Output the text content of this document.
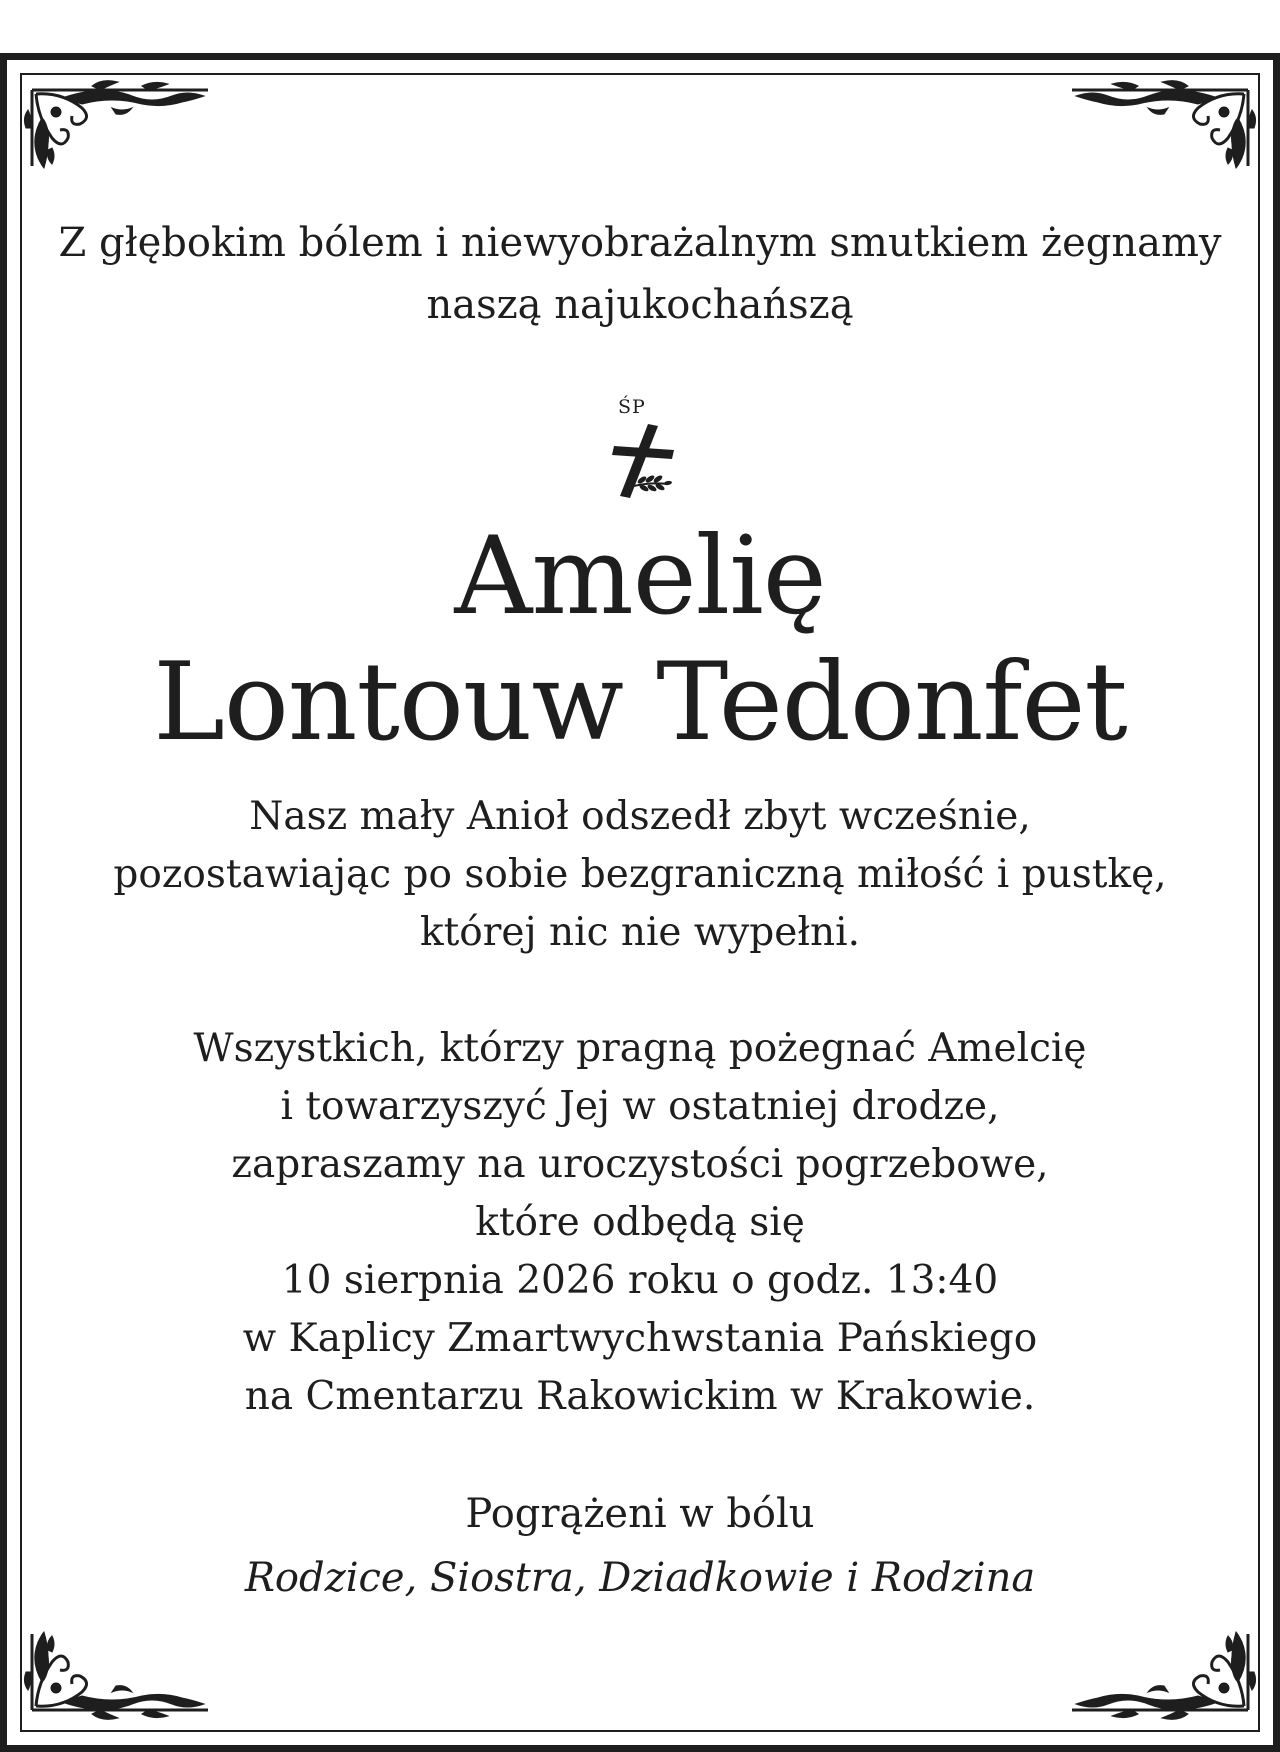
Z głębokim bólem i niewyobrażalnym smutkiem żegnamy
naszą najukochańszą

ŚP
Amelię
Lontouw Tedonfet

Nasz mały Anioł odszedł zbyt wcześnie,
pozostawiając po sobie bezgraniczną miłość i pustkę,
której nic nie wypełni.

Wszystkich, którzy pragną pożegnać Amelcię
i towarzyszyć Jej w ostatniej drodze,
zapraszamy na uroczystości pogrzebowe,
które odbędą się
10 sierpnia 2026 roku o godz. 13:40
w Kaplicy Zmartwychwstania Pańskiego
na Cmentarzu Rakowickim w Krakowie.

Pogrążeni w bólu

Rodzice, Siostra, Dziadkowie i Rodzina
